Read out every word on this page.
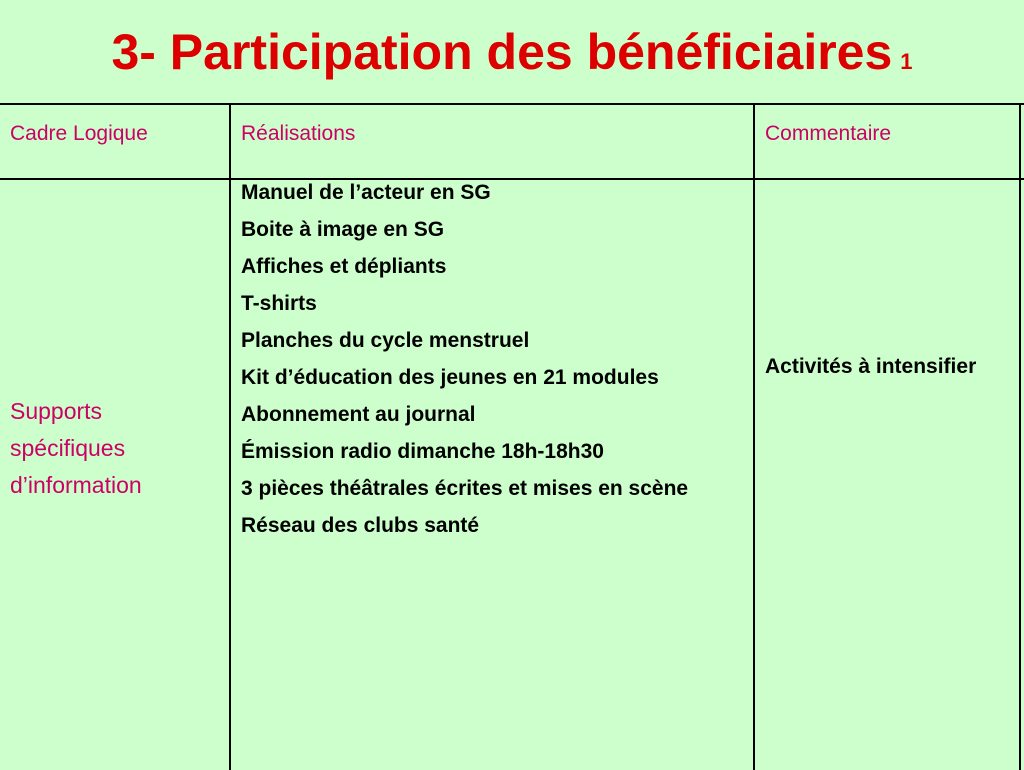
3- Participation des bénéficiaires 1
Cadre Logique	Réalisations	Commentaire
Supports spécifiques d’information
Manuel de l’acteur en SG
Boite à image en SG
Affiches et dépliants
T-shirts
Planches du cycle menstruel
Kit d’éducation des jeunes en 21 modules
Abonnement au journal
Émission radio dimanche 18h-18h30
3 pièces théâtrales écrites et mises en scène
Réseau des clubs santé
Activités à intensifier
